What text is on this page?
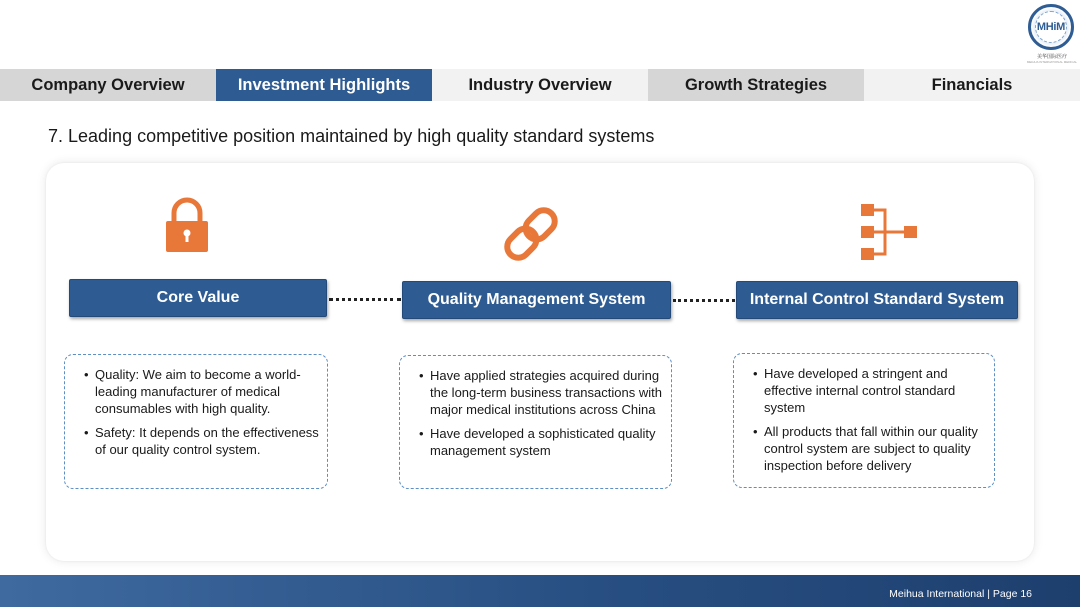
MHiM
美华国际医疗
MEIHUA INTERNATIONAL MEDICAL
Company Overview	Investment Highlights	Industry Overview	Growth Strategies	Financials
7. Leading competitive position maintained by high quality standard systems
Core Value	Quality Management System	Internal Control Standard System
• Quality: We aim to become a world-leading manufacturer of medical consumables with high quality.
• Safety: It depends on the effectiveness of our quality control system.
• Have applied strategies acquired during the long-term business transactions with major medical institutions across China
• Have developed a sophisticated quality management system
• Have developed a stringent and effective internal control standard system
• All products that fall within our quality control system are subject to quality inspection before delivery
Meihua International | Page 16
